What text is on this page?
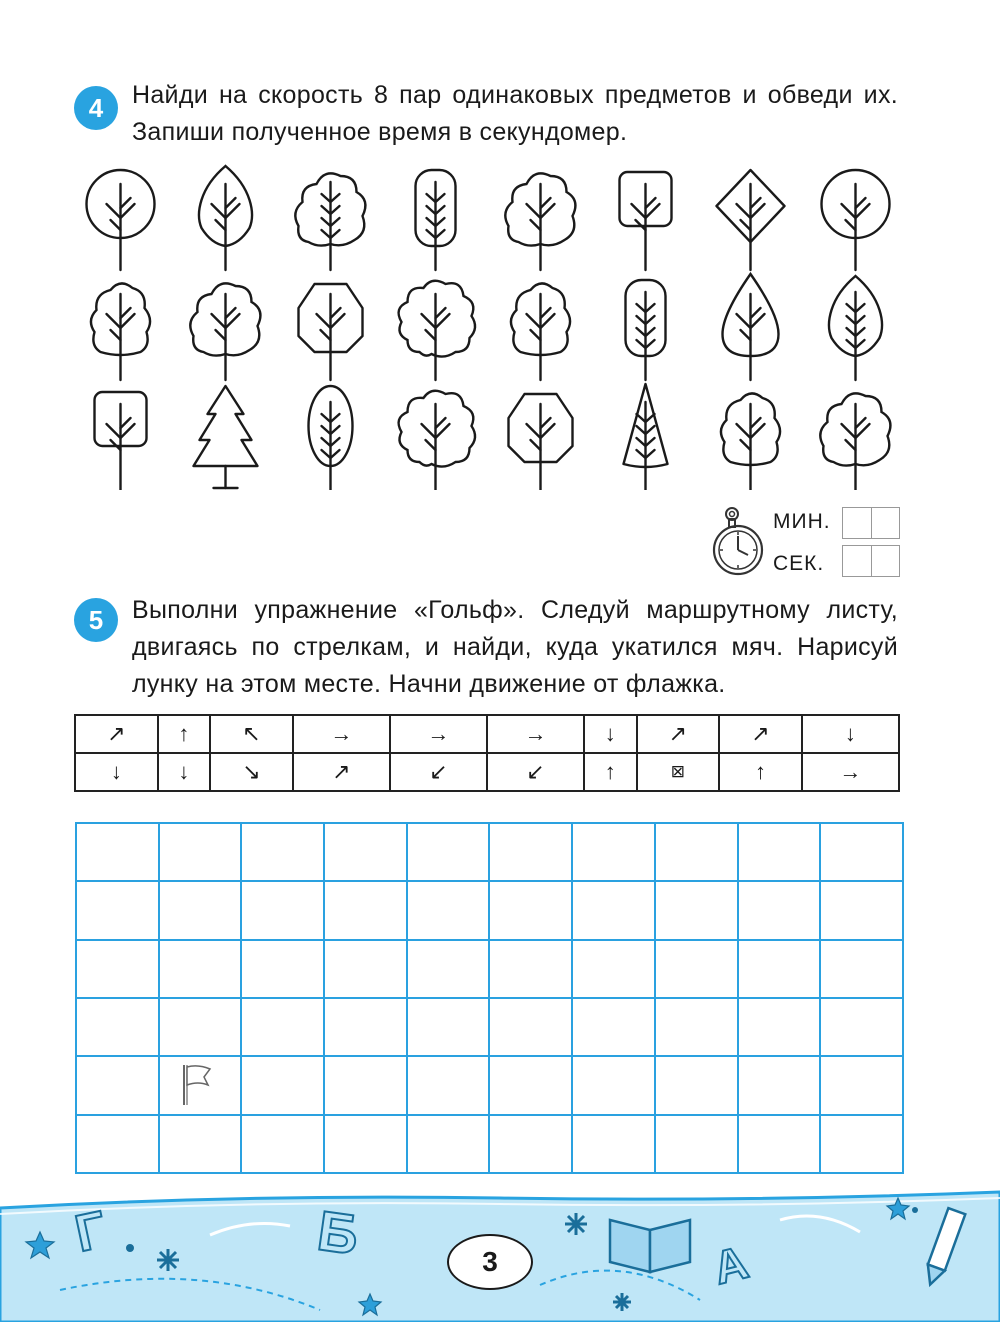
4	Найди на скорость 8 пар одинаковых предметов и обведи их. Запиши полученное время в секундомер.
МИН.
СЕК.
5	Выполни упражнение «Гольф». Следуй маршрутному листу, двигаясь по стрелкам, и найди, куда укатился мяч. Нарисуй лунку на этом месте. Начни движение от флажка.
↗	↑	↖	→	→	→	↓	↗	↗	↓
↓	↓	↘	↗	↙	↙	↑	⊠	↑	→

Г	Б	А
3
